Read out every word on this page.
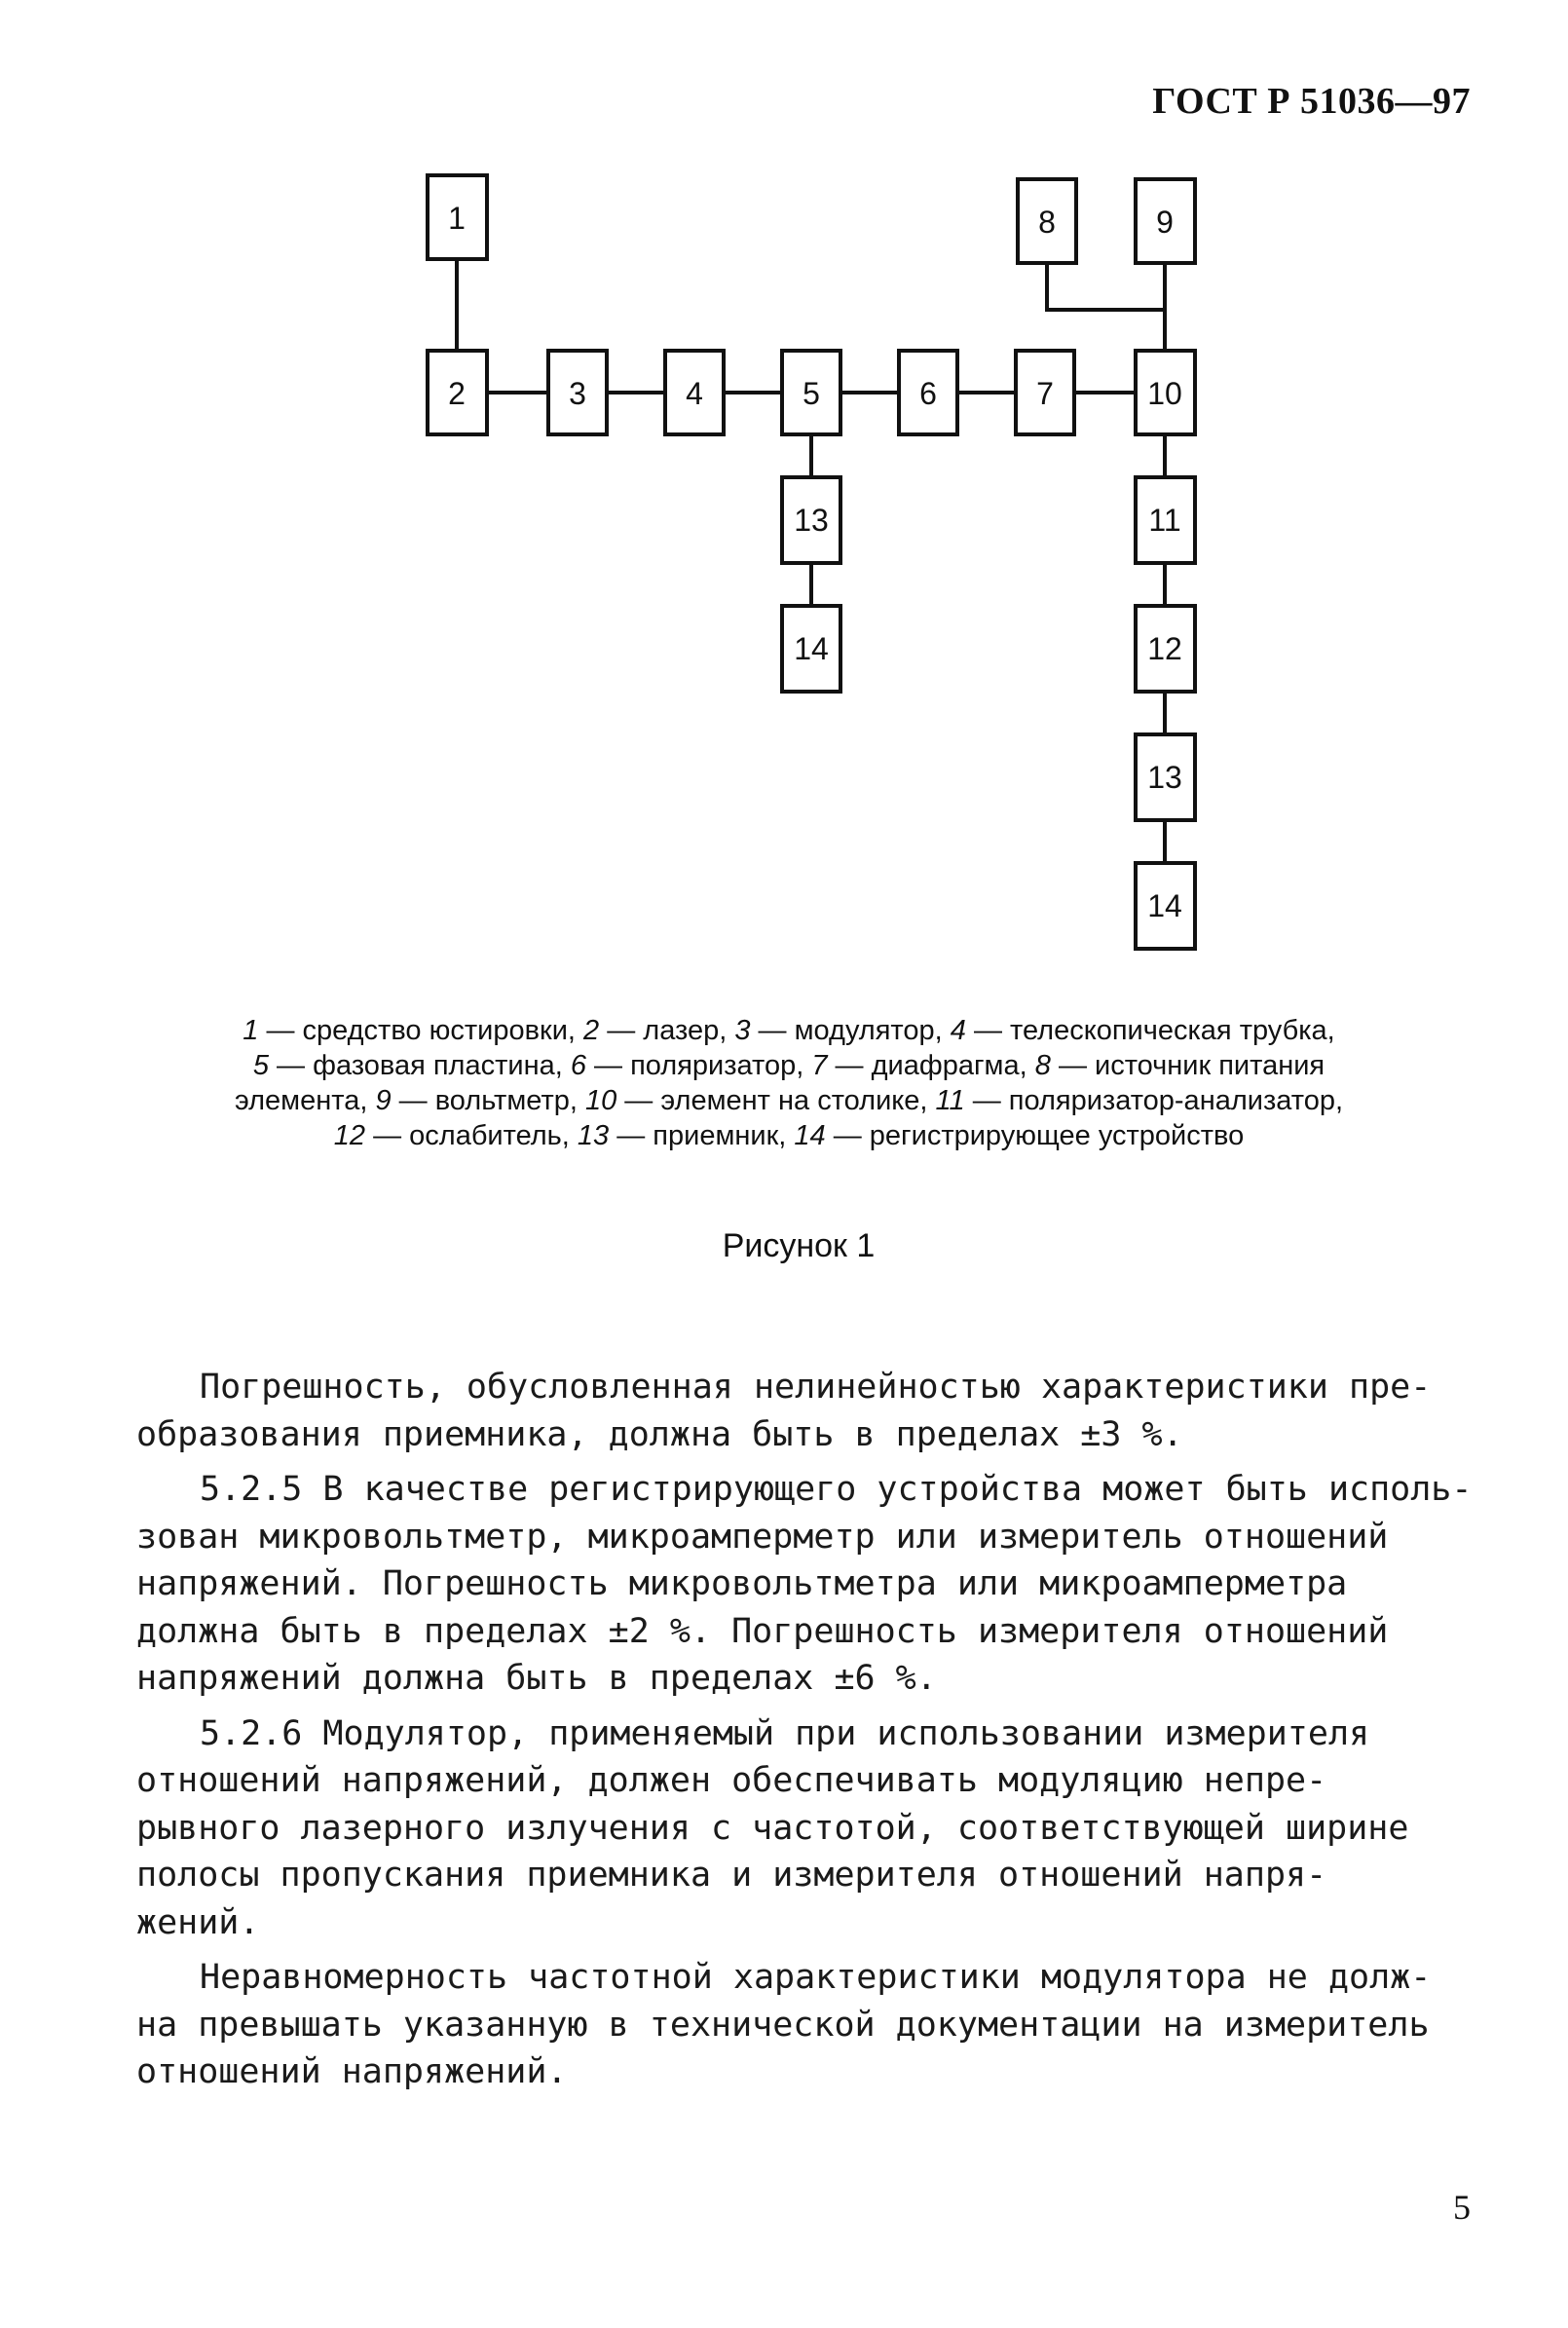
ГОСТ Р 51036—97
1
2	3	4	5	6	7
8	9
10
13
14
11
12
13
14
1 — средство юстировки, 2 — лазер, 3 — модулятор, 4 — телескопическая трубка,
5 — фазовая пластина, 6 — поляризатор, 7 — диафрагма, 8 — источник питания
элемента, 9 — вольтметр, 10 — элемент на столике, 11 — поляризатор-анализатор,
12 — ослабитель, 13 — приемник, 14 — регистрирующее устройство
Рисунок 1
Погрешность, обусловленная нелинейностью характеристики пре-
образования приемника, должна быть в пределах ±3 %.
5.2.5 В качестве регистрирующего устройства может быть исполь-
зован микровольтметр, микроамперметр или измеритель отношений
напряжений. Погрешность микровольтметра или микроамперметра
должна быть в пределах ±2 %. Погрешность измерителя отношений
напряжений должна быть в пределах ±6 %.
5.2.6 Модулятор, применяемый при использовании измерителя
отношений напряжений, должен обеспечивать модуляцию непре-
рывного лазерного излучения с частотой, соответствующей ширине
полосы пропускания приемника и измерителя отношений напря-
жений.
Неравномерность частотной характеристики модулятора не долж-
на превышать указанную в технической документации на измеритель
отношений напряжений.
5
